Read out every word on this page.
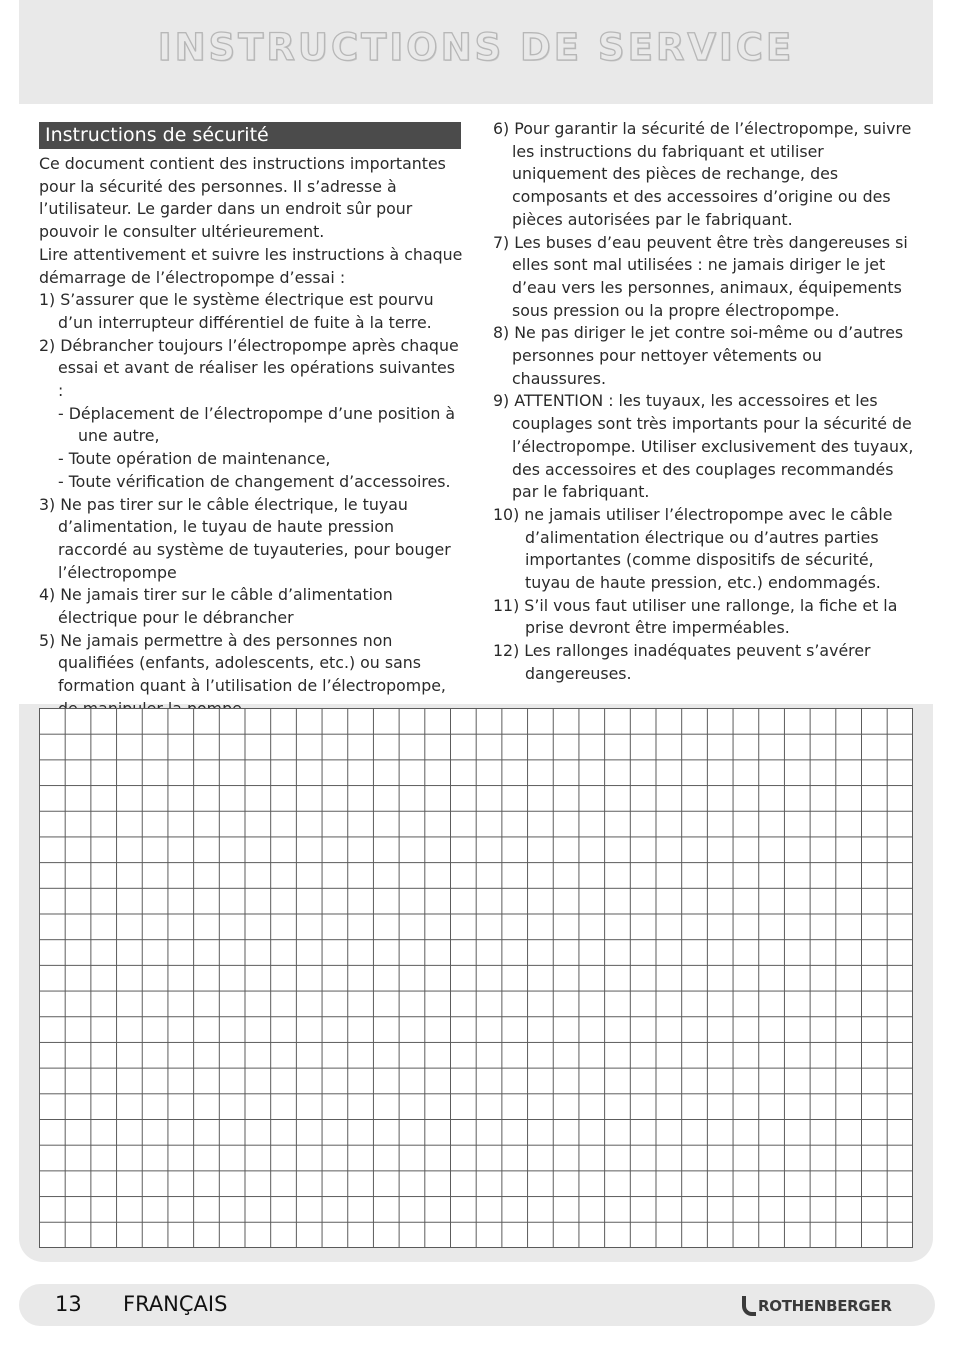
INSTRUCTIONS DE SERVICE
Instructions de sécurité

Ce document contient des instructions importantes pour la sécurité des personnes. Il s’adresse à l’utilisateur. Le garder dans un endroit sûr pour pouvoir le consulter ultérieurement.

Lire attentivement et suivre les instructions à chaque démarrage de l’électropompe d’essai :

1) S’assurer que le système électrique est pourvu d’un interrupteur différentiel de fuite à la terre.

2) Débrancher toujours l’électropompe après chaque essai et avant de réaliser les opérations suivantes :

- Déplacement de l’électropompe d’une position à une autre,

- Toute opération de maintenance,

- Toute vérification de changement d’accessoires.

3) Ne pas tirer sur le câble électrique, le tuyau d’alimentation, le tuyau de haute pression raccordé au système de tuyauteries, pour bouger l’électropompe

4) Ne jamais tirer sur le câble d’alimentation électrique pour le débrancher

5) Ne jamais permettre à des personnes non qualifiées (enfants, adolescents, etc.) ou sans formation quant à l’utilisation de l’électropompe,

6) Pour garantir la sécurité de l’électropompe, suivre les instructions du fabriquant et utiliser uniquement des pièces de rechange, des composants et des accessoires d’origine ou des pièces autorisées par le fabriquant.

7) Les buses d’eau peuvent être très dangereuses si elles sont mal utilisées : ne jamais diriger le jet d’eau vers les personnes, animaux, équipements sous pression ou la propre électropompe.

8) Ne pas diriger le jet contre soi-même ou d’autres personnes pour nettoyer vêtements ou chaussures.

9) ATTENTION : les tuyaux, les accessoires et les couplages sont très importants pour la sécurité de l’électropompe. Utiliser exclusivement des tuyaux, des accessoires et des couplages recommandés par le fabriquant.

10) ne jamais utiliser l’électropompe avec le câble d’alimentation électrique ou d’autres parties importantes (comme dispositifs de sécurité, tuyau de haute pression, etc.) endommagés.

11) S’il vous faut utiliser une rallonge, la fiche et la prise devront être imperméables.

12) Les rallonges inadéquates peuvent s’avérer dangereuses.

13 FRANÇAIS	ROTHENBERGER
